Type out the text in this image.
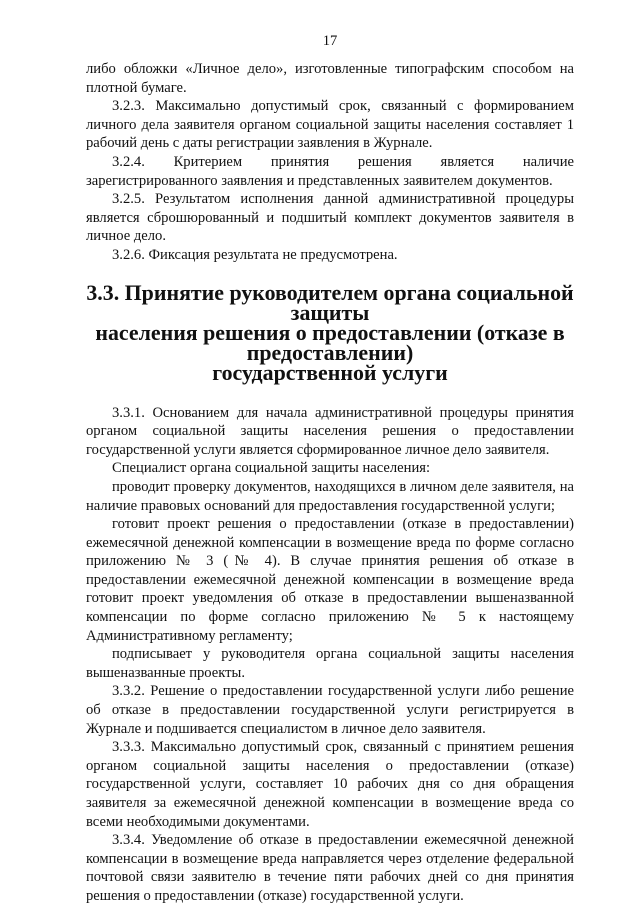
17

либо обложки «Личное дело», изготовленные типографским способом на плотной бумаге.

3.2.3. Максимально допустимый срок, связанный с формированием личного дела заявителя органом социальной защиты населения составляет 1 рабочий день с даты регистрации заявления в Журнале.

3.2.4. Критерием принятия решения является наличие зарегистрированного заявления и представленных заявителем документов.

3.2.5. Результатом исполнения данной административной процедуры является сброшюрованный и подшитый комплект документов заявителя в личное дело.

3.2.6. Фиксация результата не предусмотрена.

3.3. Принятие руководителем органа социальной защиты
населения решения о предоставлении (отказе в предоставлении)
государственной услуги

3.3.1. Основанием для начала административной процедуры принятия органом социальной защиты населения решения о предоставлении государственной услуги является сформированное личное дело заявителя.

Специалист органа социальной защиты населения:

проводит проверку документов, находящихся в личном деле заявителя, на наличие правовых оснований для предоставления государственной услуги;

готовит проект решения о предоставлении (отказе в предоставлении) ежемесячной денежной компенсации в возмещение вреда по форме согласно приложению № 3 (№ 4). В случае принятия решения об отказе в предоставлении ежемесячной денежной компенсации в возмещение вреда готовит проект уведомления об отказе в предоставлении вышеназванной компенсации по форме согласно приложению № 5 к настоящему Административному регламенту;

подписывает у руководителя органа социальной защиты населения вышеназванные проекты.

3.3.2. Решение о предоставлении государственной услуги либо решение об отказе в предоставлении государственной услуги регистрируется в Журнале и подшивается специалистом в личное дело заявителя.

3.3.3. Максимально допустимый срок, связанный с принятием решения органом социальной защиты населения о предоставлении (отказе) государственной услуги, составляет 10 рабочих дня со дня обращения заявителя за ежемесячной денежной компенсации в возмещение вреда со всеми необходимыми документами.

3.3.4. Уведомление об отказе в предоставлении ежемесячной денежной компенсации в возмещение вреда направляется через отделение федеральной почтовой связи заявителю в течение пяти рабочих дней со дня принятия решения о предоставлении (отказе) государственной услуги.
